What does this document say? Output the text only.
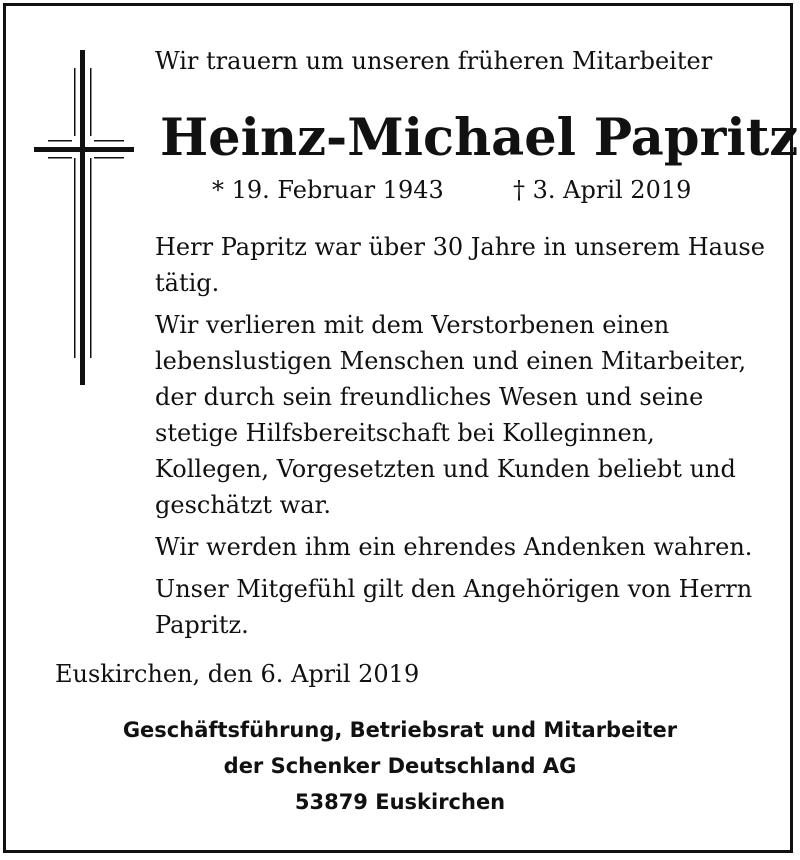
Wir trauern um unseren früheren Mitarbeiter
Heinz-Michael Papritz
* 19. Februar 1943	† 3. April 2019

Herr Papritz war über 30 Jahre in unserem Hause tätig.

Wir verlieren mit dem Verstorbenen einen lebenslustigen Menschen und einen Mitarbeiter, der durch sein freundliches Wesen und seine stetige Hilfsbereitschaft bei Kolleginnen, Kollegen, Vorgesetzten und Kunden beliebt und geschätzt war.

Wir werden ihm ein ehrendes Andenken wahren.

Unser Mitgefühl gilt den Angehörigen von Herrn Papritz.

Euskirchen, den 6. April 2019
Geschäftsführung, Betriebsrat und Mitarbeiter
der Schenker Deutschland AG
53879 Euskirchen
